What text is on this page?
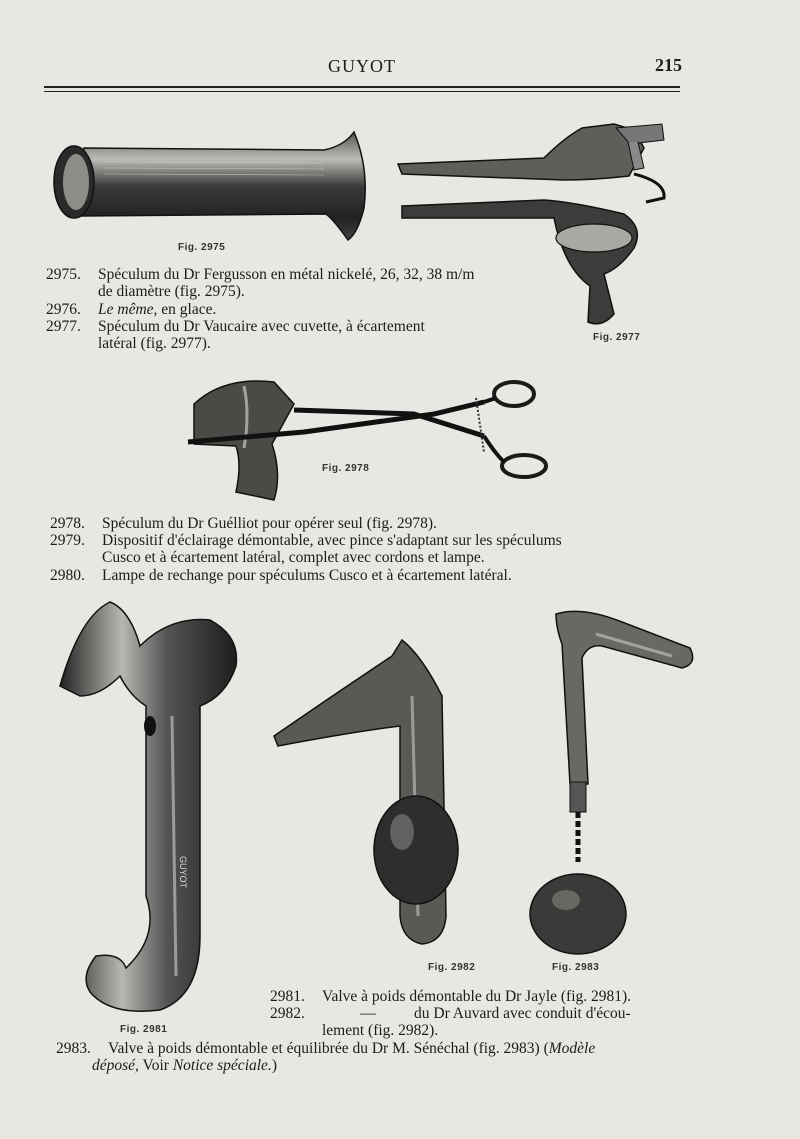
GUYOT	215
Fig. 2975
Fig. 2977
2975. Spéculum du Dr Fergusson en métal nickelé, 26, 32, 38 m/m
de diamètre (fig. 2975).
2976. Le même, en glace.
2977. Spéculum du Dr Vaucaire avec cuvette, à écartement
latéral (fig. 2977).
Fig. 2978
2978. Spéculum du Dr Guélliot pour opérer seul (fig. 2978).
2979. Dispositif d'éclairage démontable, avec pince s'adaptant sur les spéculums
Cusco et à écartement latéral, complet avec cordons et lampe.
2980. Lampe de rechange pour spéculums Cusco et à écartement latéral.
GUYOT
Fig. 2981
Fig. 2982	Fig. 2983
2981. Valve à poids démontable du Dr Jayle (fig. 2981).
2982.	— du Dr Auvard avec conduit d'écou-
lement (fig. 2982).
2983. Valve à poids démontable et équilibrée du Dr M. Sénéchal (fig. 2983) (Modèle
déposé, Voir Notice spéciale.)
